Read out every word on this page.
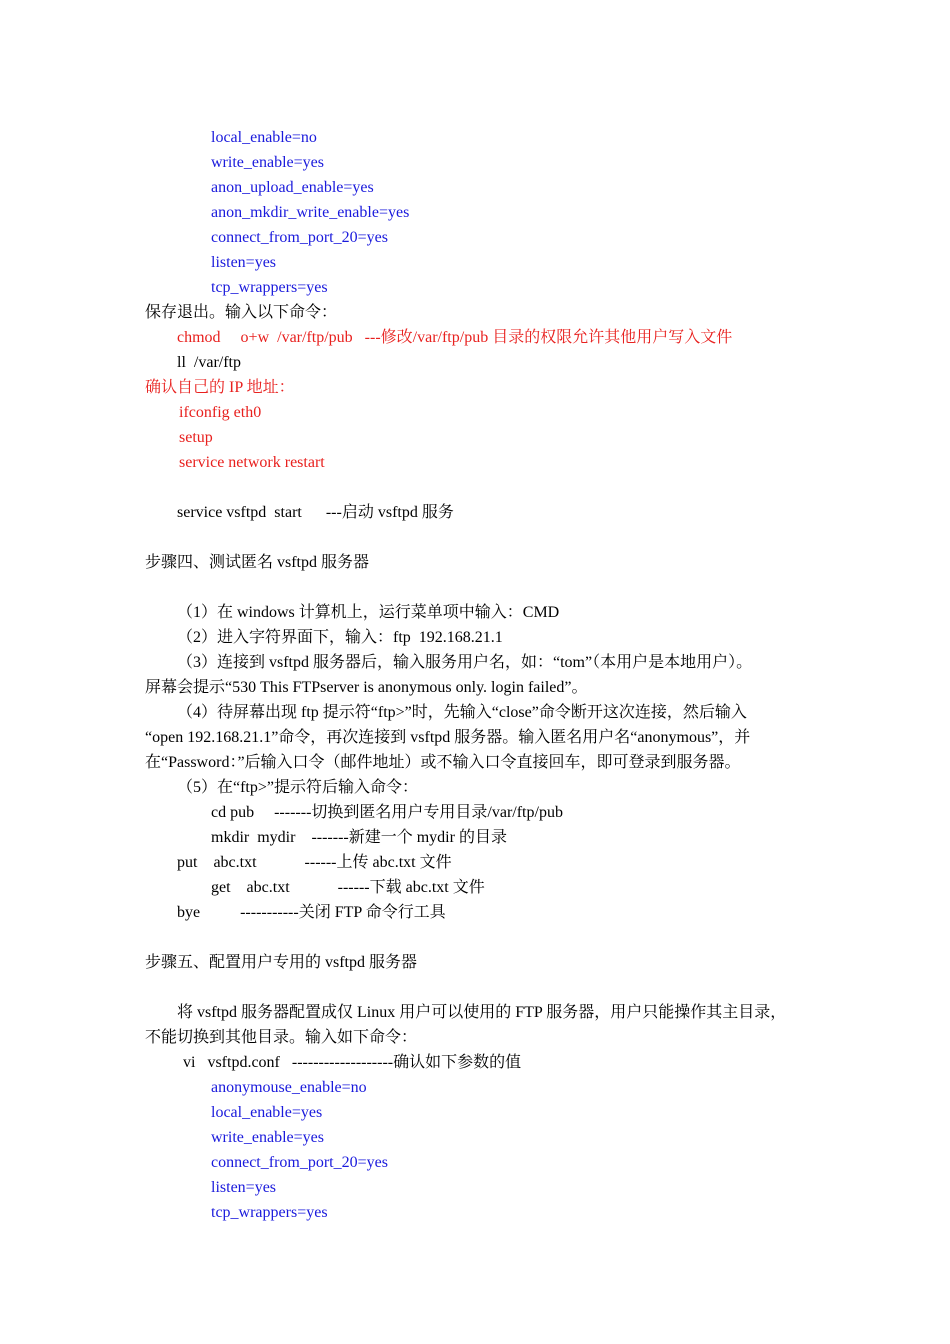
local_enable=no
write_enable=yes
anon_upload_enable=yes
anon_mkdir_write_enable=yes
connect_from_port_20=yes
listen=yes
tcp_wrappers=yes
保存退出。输入以下命令：
chmod     o+w  /var/ftp/pub   ---修改/var/ftp/pub 目录的权限允许其他用户写入文件
ll  /var/ftp
确认自己的 IP 地址：
ifconfig eth0
setup
service network restart
service vsftpd  start      ---启动 vsftpd 服务
步骤四、测试匿名 vsftpd 服务器
（1）在 windows 计算机上，运行菜单项中输入：CMD
（2）进入字符界面下，输入：ftp  192.168.21.1
（3）连接到 vsftpd 服务器后，输入服务用户名，如：“tom”（本用户是本地用户）。
屏幕会提示“530 This FTPserver is anonymous only. login failed”。
（4）待屏幕出现 ftp 提示符“ftp>”时，先输入“close”命令断开这次连接，然后输入
“open 192.168.21.1”命令，再次连接到 vsftpd 服务器。输入匿名用户名“anonymous”，并
在“Password：”后输入口令（邮件地址）或不输入口令直接回车，即可登录到服务器。
（5）在“ftp>”提示符后输入命令：
cd pub     -------切换到匿名用户专用目录/var/ftp/pub
mkdir  mydir    -------新建一个 mydir 的目录
put    abc.txt            ------上传 abc.txt 文件
get    abc.txt            ------下载 abc.txt 文件
bye          -----------关闭 FTP 命令行工具
步骤五、配置用户专用的 vsftpd 服务器
将 vsftpd 服务器配置成仅 Linux 用户可以使用的 FTP 服务器，用户只能操作其主目录，
不能切换到其他目录。输入如下命令：
vi   vsftpd.conf   -------------------确认如下参数的值
anonymouse_enable=no
local_enable=yes
write_enable=yes
connect_from_port_20=yes
listen=yes
tcp_wrappers=yes
